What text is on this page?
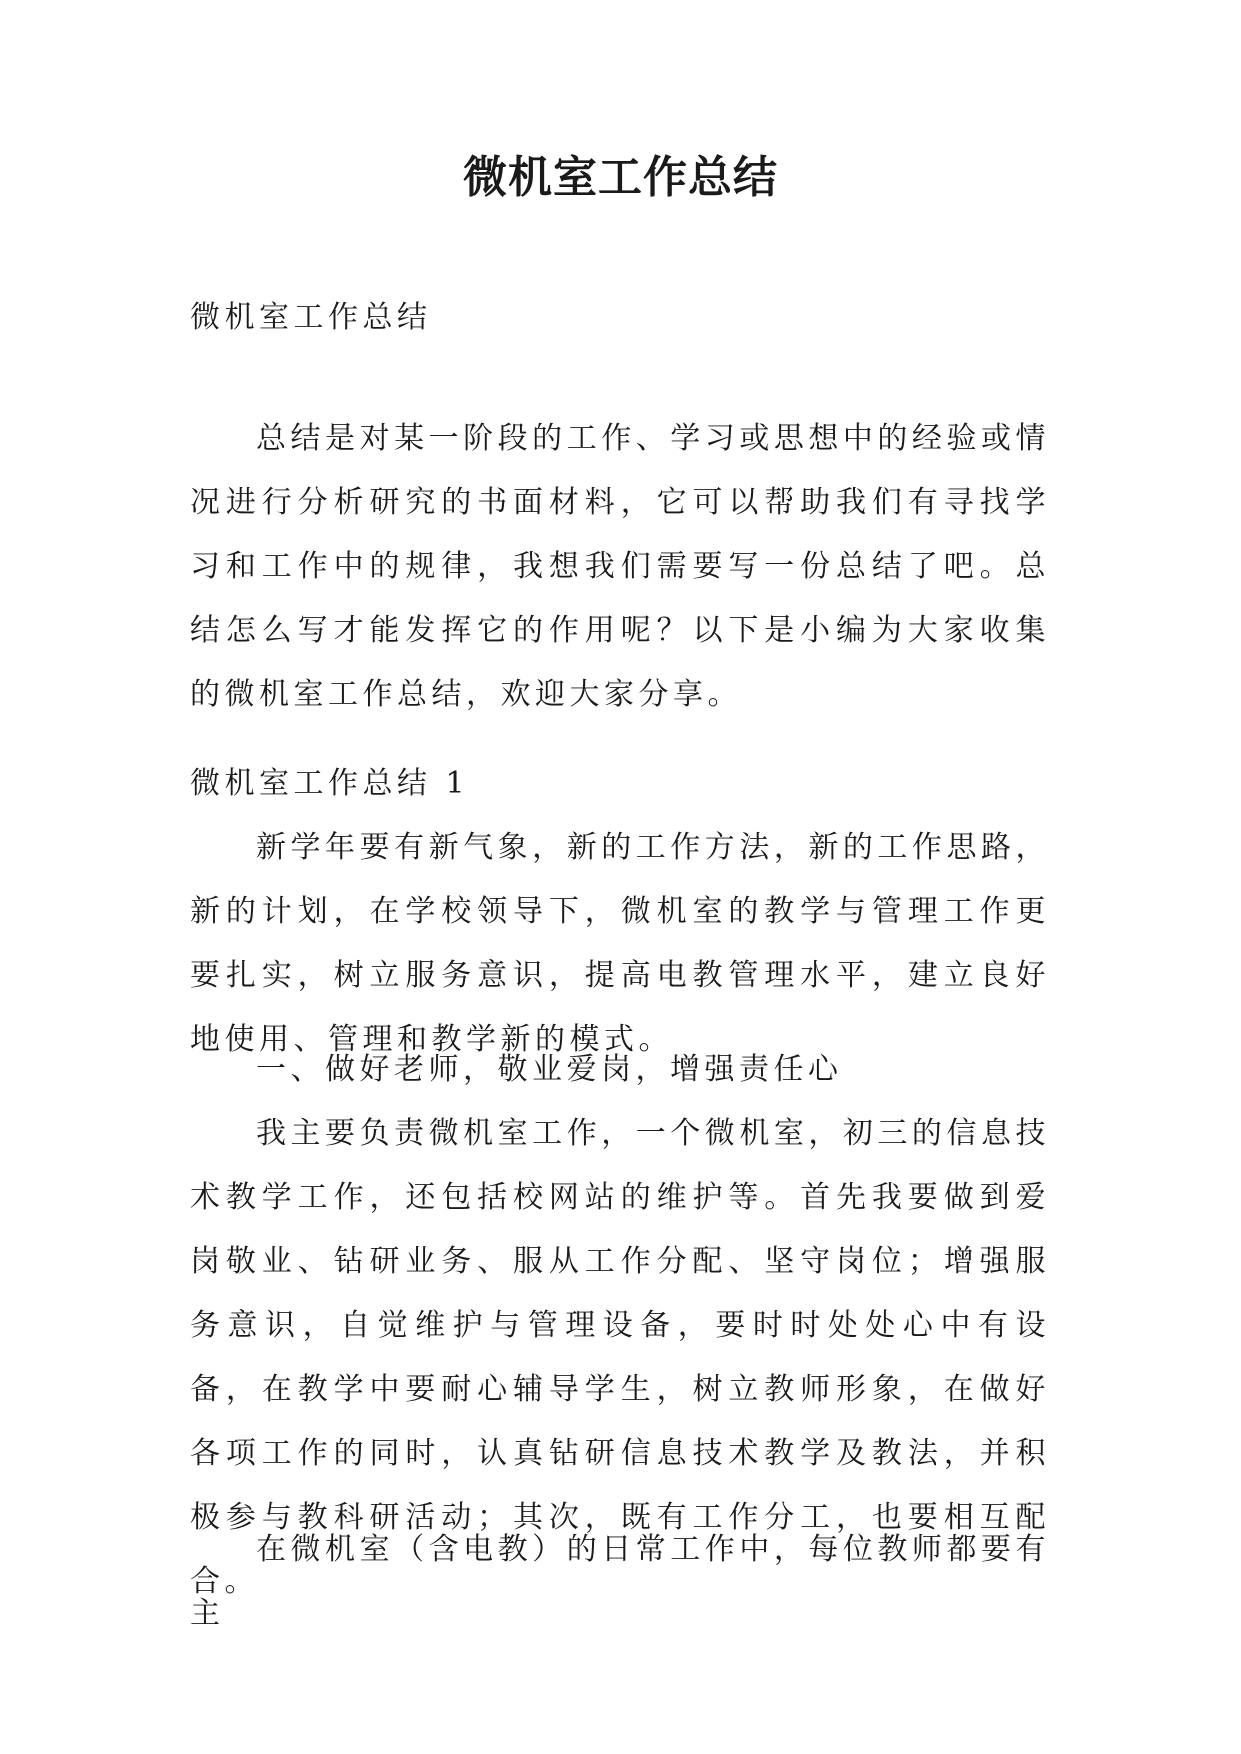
微机室工作总结

微机室工作总结

总结是对某一阶段的工作、学习或思想中的经验或情况进行分析研究的书面材料，它可以帮助我们有寻找学习和工作中的规律，我想我们需要写一份总结了吧。总结怎么写才能发挥它的作用呢？以下是小编为大家收集的微机室工作总结，欢迎大家分享。

微机室工作总结 1

新学年要有新气象，新的工作方法，新的工作思路，新的计划，在学校领导下，微机室的教学与管理工作更要扎实，树立服务意识，提高电教管理水平，建立良好地使用、管理和教学新的模式。

一、做好老师，敬业爱岗，增强责任心

我主要负责微机室工作，一个微机室，初三的信息技术教学工作，还包括校网站的维护等。首先我要做到爱岗敬业、钻研业务、服从工作分配、坚守岗位；增强服务意识，自觉维护与管理设备，要时时处处心中有设备，在教学中要耐心辅导学生，树立教师形象，在做好各项工作的同时，认真钻研信息技术教学及教法，并积极参与教科研活动；其次，既有工作分工，也要相互配合。

在微机室（含电教）的日常工作中，每位教师都要有主
